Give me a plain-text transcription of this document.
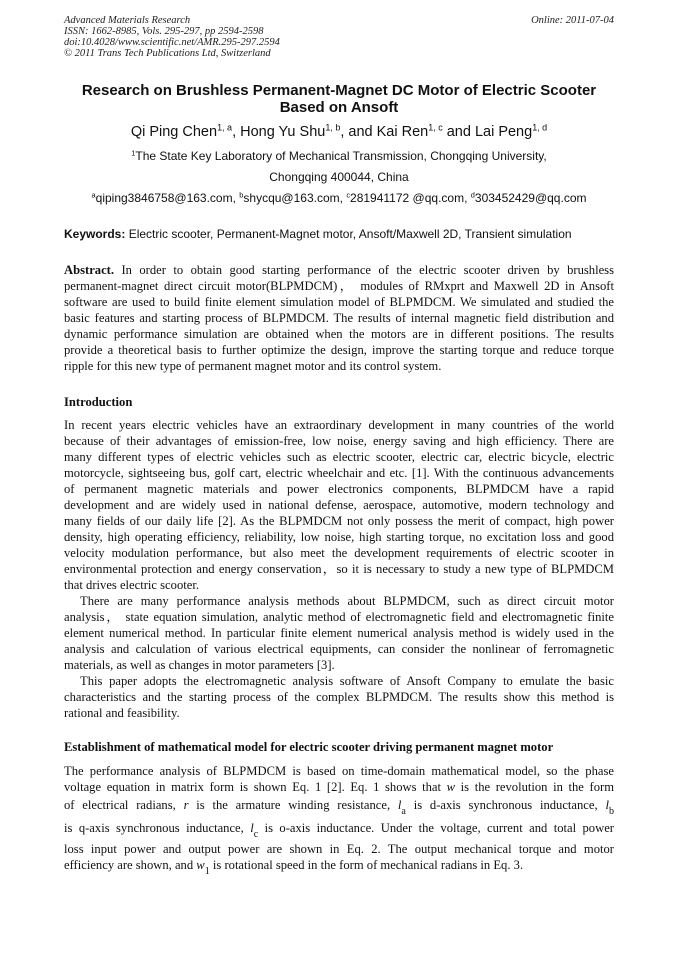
Advanced Materials Research
ISSN: 1662-8985, Vols. 295-297, pp 2594-2598
doi:10.4028/www.scientific.net/AMR.295-297.2594
© 2011 Trans Tech Publications Ltd, Switzerland
Online: 2011-07-04
Research on Brushless Permanent-Magnet DC Motor of Electric Scooter
Based on Ansoft
Qi Ping Chen$^{1, a}$, Hong Yu Shu$^{1, b}$, and Kai Ren$^{1, c}$ and Lai Peng$^{1, d}$
$^1$The State Key Laboratory of Mechanical Transmission, Chongqing University,
Chongqing 400044, China
$^a$qiping3846758@163.com, $^b$shycqu@163.com, $^c$281941172 @qq.com, $^d$303452429@qq.com
Keywords: Electric scooter, Permanent-Magnet motor, Ansoft/Maxwell 2D, Transient simulation
Abstract. In order to obtain good starting performance of the electric scooter driven by brushless
permanent-magnet direct circuit motor(BLPMDCM)， modules of RMxprt and Maxwell 2D in Ansoft
software are used to build finite element simulation model of BLPMDCM. We simulated and studied the
basic features and starting process of BLPMDCM. The results of internal magnetic field distribution and
dynamic performance simulation are obtained when the motors are in different positions. The results
provide a theoretical basis to further optimize the design, improve the starting torque and reduce torque
ripple for this new type of permanent magnet motor and its control system.
Introduction
In recent years electric vehicles have an extraordinary development in many countries of the world
because of their advantages of emission-free, low noise, energy saving and high efficiency. There are
many different types of electric vehicles such as electric scooter, electric car, electric bicycle, electric
motorcycle, sightseeing bus, golf cart, electric wheelchair and etc. [1]. With the continuous advancements
of permanent magnetic materials and power electronics components, BLPMDCM have a rapid
development and are widely used in national defense, aerospace, automotive, modern technology and
many fields of our daily life [2]. As the BLPMDCM not only possess the merit of compact, high power
density, high operating efficiency, reliability, low noise, high starting torque, no excitation loss and good
velocity modulation performance, but also meet the development requirements of electric scooter in
environmental protection and energy conservation，so it is necessary to study a new type of BLPMDCM
that drives electric scooter.
There are many performance analysis methods about BLPMDCM, such as direct circuit motor
analysis， state equation simulation, analytic method of electromagnetic field and electromagnetic finite
element numerical method. In particular finite element numerical analysis method is widely used in the
analysis and calculation of various electrical equipments, can consider the nonlinear of ferromagnetic
materials, as well as changes in motor parameters [3].
This paper adopts the electromagnetic analysis software of Ansoft Company to emulate the basic
characteristics and the starting process of the complex BLPMDCM. The results show this method is
rational and feasibility.
Establishment of mathematical model for electric scooter driving permanent magnet motor
The performance analysis of BLPMDCM is based on time-domain mathematical model, so the phase
voltage equation in matrix form is shown Eq. 1 [2]. Eq. 1 shows that w is the revolution in the form
of electrical radians, r is the armature winding resistance, $l_a$ is d-axis synchronous inductance, $l_b$
is q-axis synchronous inductance, $l_c$ is o-axis inductance. Under the voltage, current and total power
loss input power and output power are shown in Eq. 2. The output mechanical torque and motor
efficiency are shown, and $w_1$ is rotational speed in the form of mechanical radians in Eq. 3.
